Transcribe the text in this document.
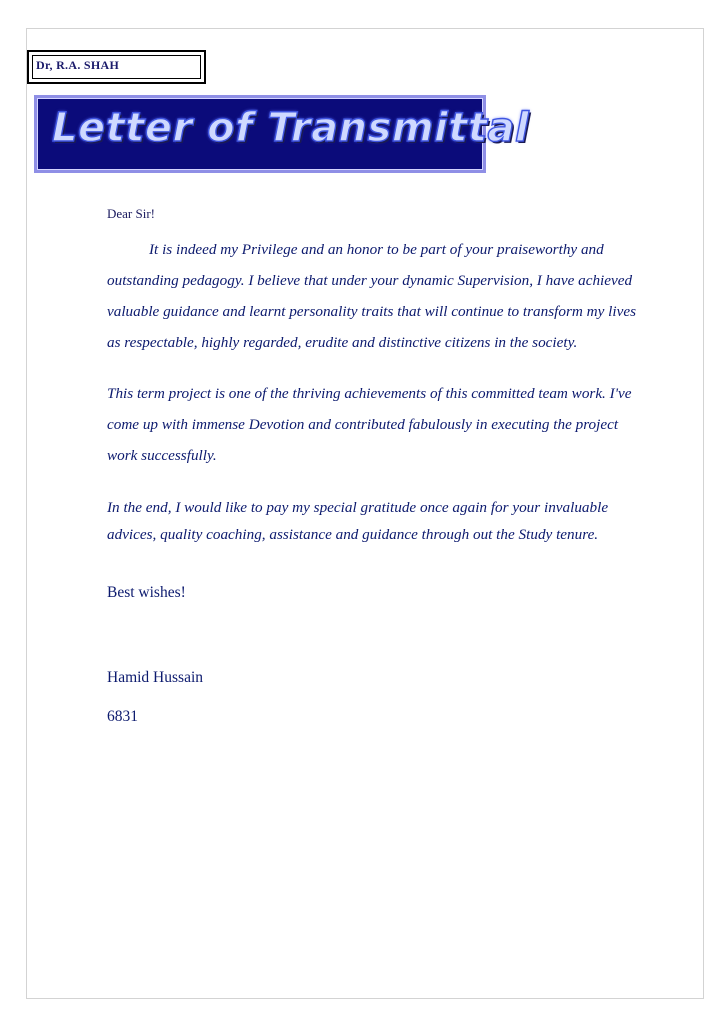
Dr, R.A. SHAH
Letter of Transmittal
Dear Sir!

It is indeed my Privilege and an honor to be part of your praiseworthy and outstanding pedagogy. I believe that under your dynamic Supervision, I have achieved valuable guidance and learnt personality traits that will continue to transform my lives as respectable, highly regarded, erudite and distinctive citizens in the society.

This term project is one of the thriving achievements of this committed team work. I've come up with immense Devotion and contributed fabulously in executing the project work successfully.

In the end, I would like to pay my special gratitude once again for your invaluable advices, quality coaching, assistance and guidance through out the Study tenure.

Best wishes!
Hamid Hussain
6831
